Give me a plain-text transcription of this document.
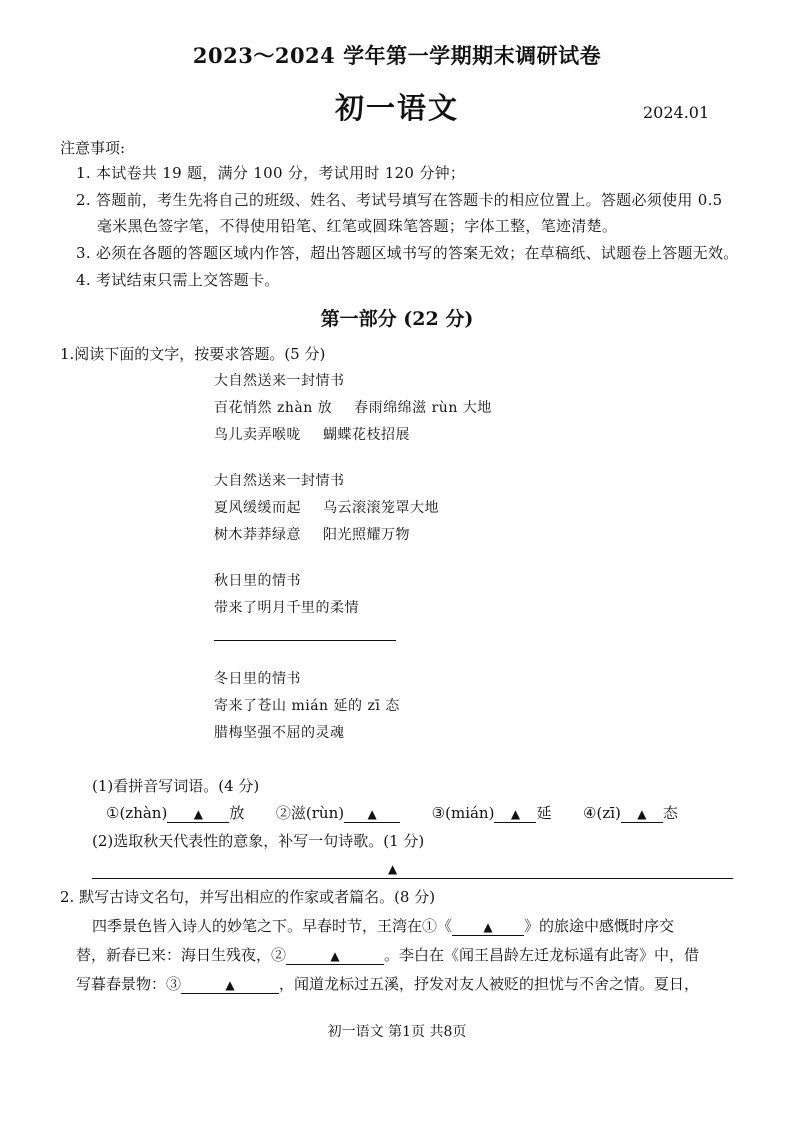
2023～2024 学年第一学期期末调研试卷
初一语文	2024.01
注意事项:
1. 本试卷共 19 题，满分 100 分，考试用时 120 分钟；
2. 答题前，考生先将自己的班级、姓名、考试号填写在答题卡的相应位置上。答题必须使用 0.5
毫米黑色签字笔，不得使用铅笔、红笔或圆珠笔答题；字体工整，笔迹清楚。
3. 必须在各题的答题区域内作答，超出答题区域书写的答案无效；在草稿纸、试题卷上答题无效。
4. 考试结束只需上交答题卡。
第一部分 (22 分)
1.阅读下面的文字，按要求答题。(5 分)
大自然送来一封情书
百花悄然 zhàn 放 春雨绵绵滋 rùn 大地
鸟儿卖弄喉咙 蝴蝶花枝招展
大自然送来一封情书
夏风缓缓而起 乌云滚滚笼罩大地
树木莽莽绿意 阳光照耀万物
秋日里的情书
带来了明月千里的柔情
冬日里的情书
寄来了苍山 mián 延的 zī 态
腊梅坚强不屈的灵魂
(1)看拼音写词语。(4 分)
①(zhàn) ▲ 放 ②滋(rùn) ▲	③(mián) ▲ 延 ④(zī) ▲ 态
(2)选取秋天代表性的意象，补写一句诗歌。(1 分)
▲
2. 默写古诗文名句，并写出相应的作家或者篇名。(8 分)
四季景色皆入诗人的妙笔之下。早春时节，王湾在①《	▲ 》的旅途中感慨时序交
替，新春已来：海日生残夜，②	▲	。李白在《闻王昌龄左迁龙标遥有此寄》中，借
写暮春景物：③	▲	，闻道龙标过五溪，抒发对友人被贬的担忧与不舍之情。夏日，
初一语文 第1页 共8页
